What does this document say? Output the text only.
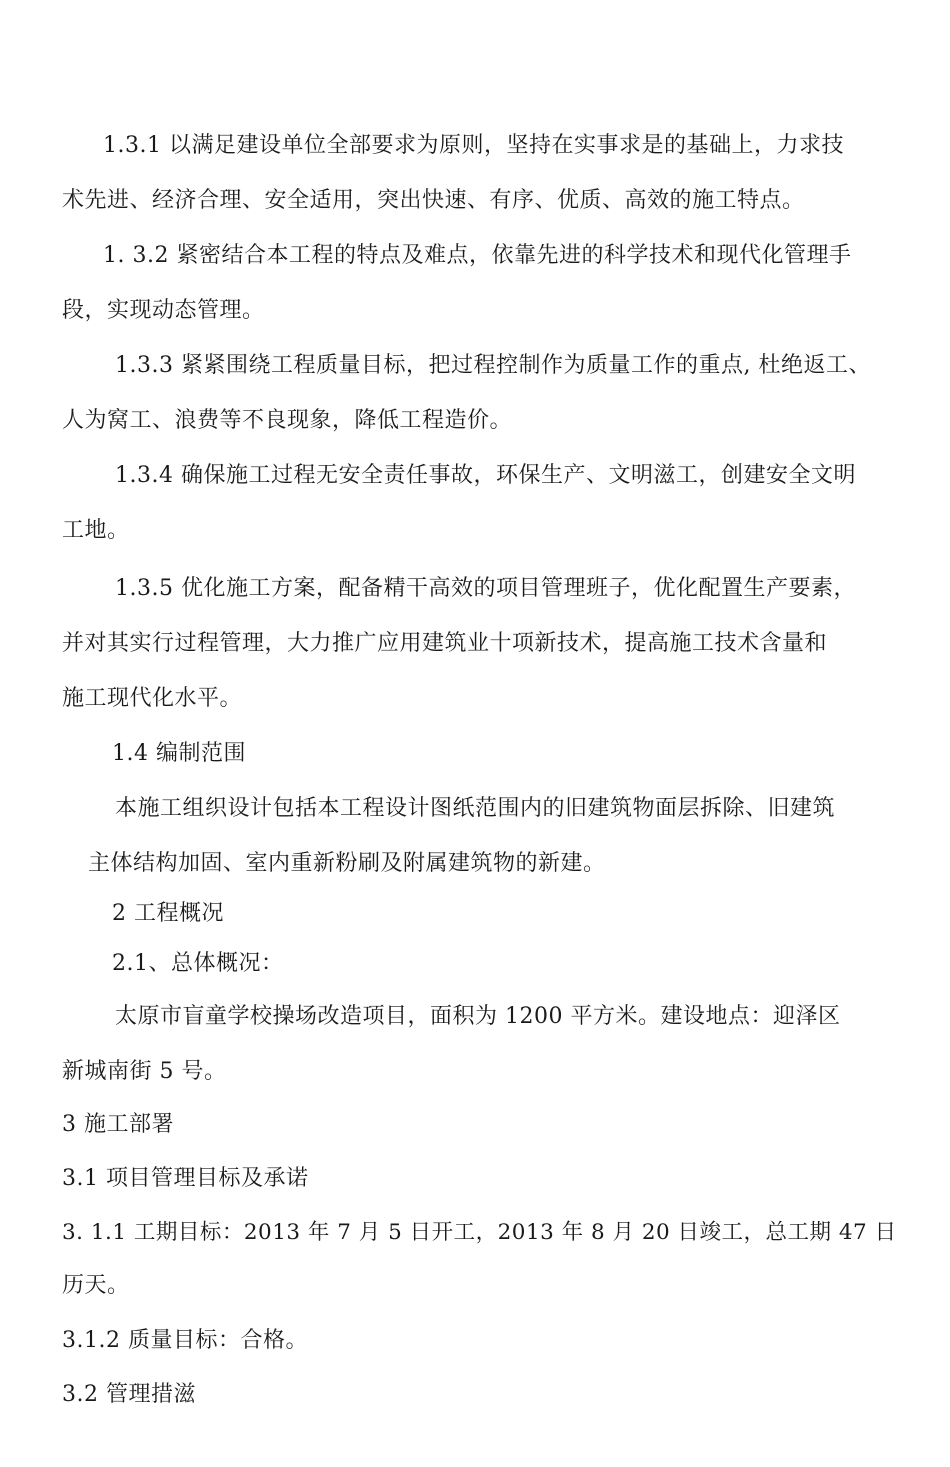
1.3.1 以满足建设单位全部要求为原则，坚持在实事求是的基础上，力求技
术先进、经济合理、安全适用，突出快速、有序、优质、高效的施工特点。
1. 3.2 紧密结合本工程的特点及难点，依靠先进的科学技术和现代化管理手
段，实现动态管理。
1.3.3 紧紧围绕工程质量目标，把过程控制作为质量工作的重点, 杜绝返工、
人为窝工、浪费等不良现象，降低工程造价。
1.3.4 确保施工过程无安全责任事故，环保生产、文明滋工，创建安全文明
工地。
1.3.5 优化施工方案，配备精干高效的项目管理班子，优化配置生产要素，
并对其实行过程管理，大力推广应用建筑业十项新技术，提高施工技术含量和
施工现代化水平。
1.4 编制范围
本施工组织设计包括本工程设计图纸范围内的旧建筑物面层拆除、旧建筑
主体结构加固、室内重新粉刷及附属建筑物的新建。
2 工程概况
2.1、总体概况：
太原市盲童学校操场改造项目，面积为 1200 平方米。建设地点：迎泽区
新城南街 5 号。
3 施工部署
3.1 项目管理目标及承诺
3. 1.1 工期目标：2013 年 7 月 5 日开工，2013 年 8 月 20 日竣工，总工期 47 日
历天。
3.1.2 质量目标：合格。
3.2 管理措滋
